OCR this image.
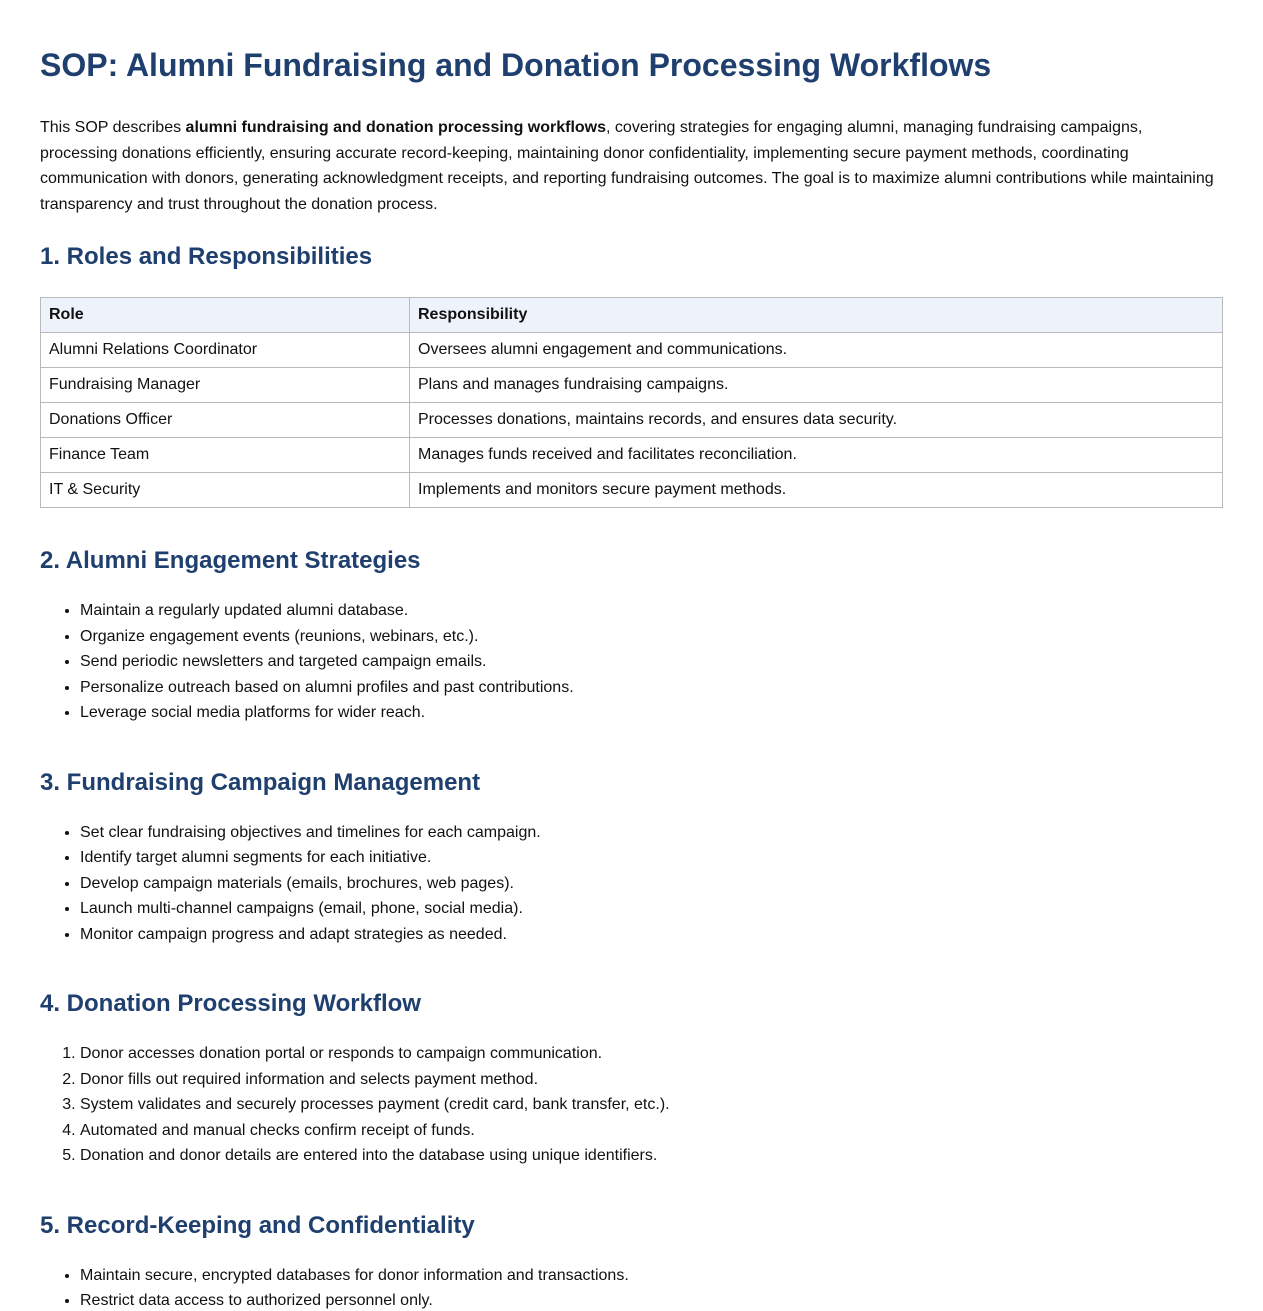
SOP: Alumni Fundraising and Donation Processing Workflows

This SOP describes alumni fundraising and donation processing workflows, covering strategies for engaging alumni, managing fundraising campaigns, processing donations efficiently, ensuring accurate record-keeping, maintaining donor confidentiality, implementing secure payment methods, coordinating communication with donors, generating acknowledgment receipts, and reporting fundraising outcomes. The goal is to maximize alumni contributions while maintaining transparency and trust throughout the donation process.

1. Roles and Responsibilities
Role	Responsibility
Alumni Relations Coordinator	Oversees alumni engagement and communications.
Fundraising Manager	Plans and manages fundraising campaigns.
Donations Officer	Processes donations, maintains records, and ensures data security.
Finance Team	Manages funds received and facilitates reconciliation.
IT & Security	Implements and monitors secure payment methods.
2. Alumni Engagement Strategies
• Maintain a regularly updated alumni database.
• Organize engagement events (reunions, webinars, etc.).
• Send periodic newsletters and targeted campaign emails.
• Personalize outreach based on alumni profiles and past contributions.
• Leverage social media platforms for wider reach.
3. Fundraising Campaign Management
• Set clear fundraising objectives and timelines for each campaign.
• Identify target alumni segments for each initiative.
• Develop campaign materials (emails, brochures, web pages).
• Launch multi-channel campaigns (email, phone, social media).
• Monitor campaign progress and adapt strategies as needed.
4. Donation Processing Workflow
1. Donor accesses donation portal or responds to campaign communication.
2. Donor fills out required information and selects payment method.
3. System validates and securely processes payment (credit card, bank transfer, etc.).
4. Automated and manual checks confirm receipt of funds.
5. Donation and donor details are entered into the database using unique identifiers.
5. Record-Keeping and Confidentiality
• Maintain secure, encrypted databases for donor information and transactions.
• Restrict data access to authorized personnel only.
